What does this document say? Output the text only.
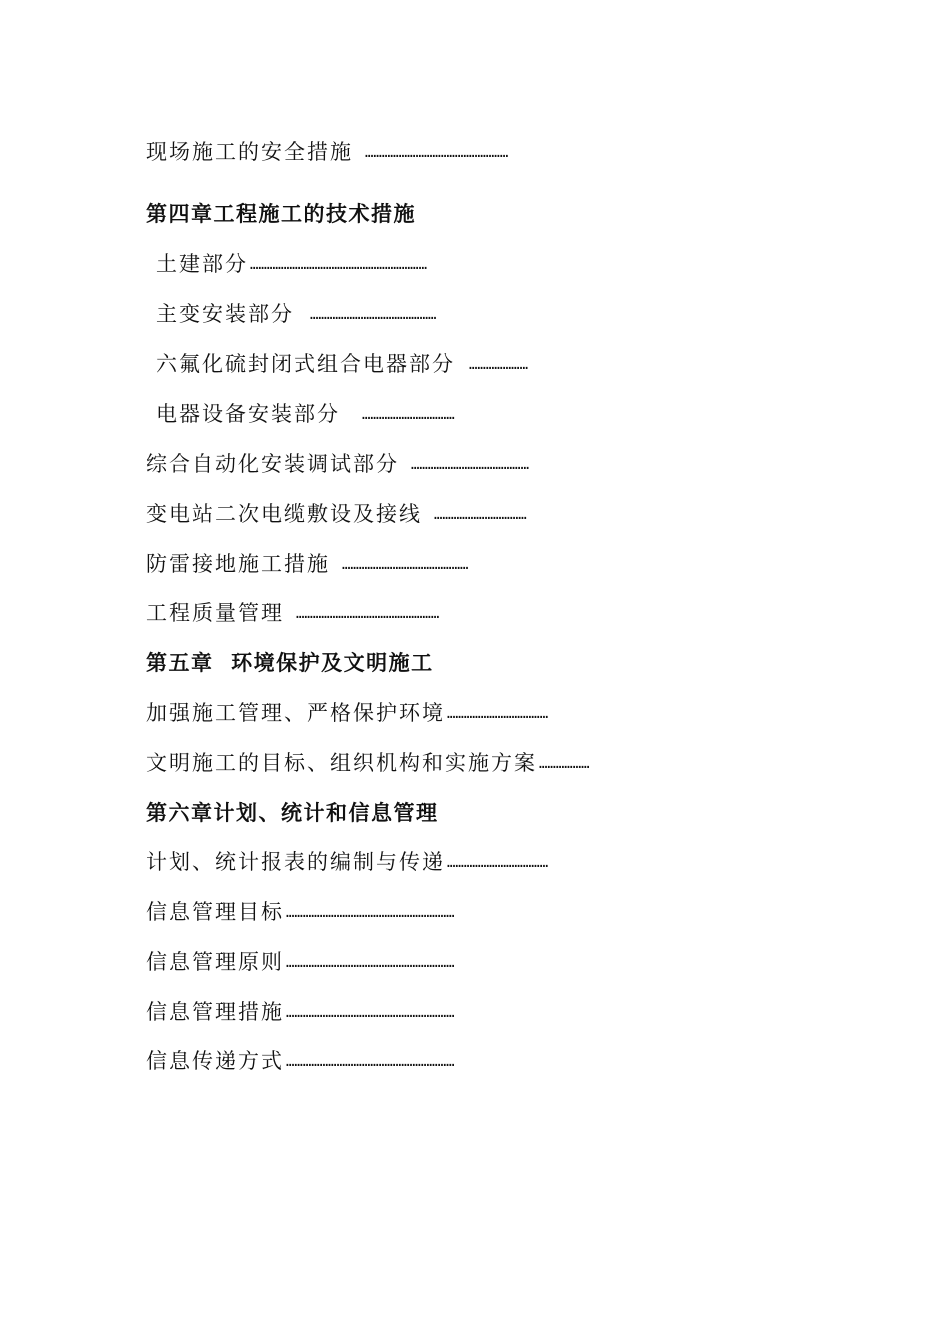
现场施工的安全措施 ……………………………………………
第四章工程施工的技术措施
土建部分 ………………………………………………………
主变安装部分 ………………………………………
六氟化硫封闭式组合电器部分 …………………
电器设备安装部分 ……………………………
综合自动化安装调试部分 ……………………………………
变电站二次电缆敷设及接线 ……………………………
防雷接地施工措施 ………………………………………
工程质量管理 ……………………………………………
第五章  环境保护及文明施工
加强施工管理、严格保护环境 ………………………………
文明施工的目标、组织机构和实施方案 ………………
第六章计划、统计和信息管理
计划、统计报表的编制与传递 ………………………………
信息管理目标 ……………………………………………………
信息管理原则 ……………………………………………………
信息管理措施 ……………………………………………………
信息传递方式 ……………………………………………………
